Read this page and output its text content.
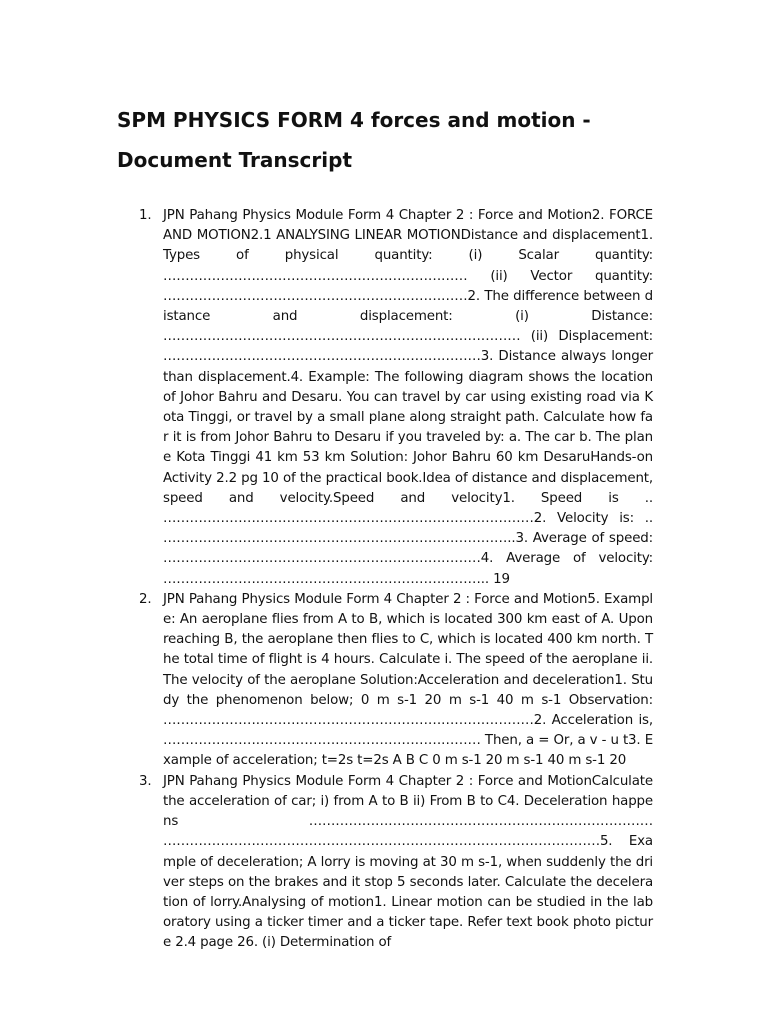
SPM PHYSICS FORM 4 forces and motion - Document Transcript
1. JPN Pahang Physics Module Form 4 Chapter 2 : Force and Motion2. FORCE AND MOTION2.1 ANALYSING LINEAR MOTIONDistance and displacement1. Types of physical quantity: (i) Scalar quantity: …………………………………………………………… (ii) Vector quantity: ……………………………………………………………2. The difference between distance and displacement: (i) Distance: ……………………………………………………………………… (ii) Displacement: ………………………………………………………………3. Distance always longer than displacement.4. Example: The following diagram shows the location of Johor Bahru and Desaru. You can travel by car using existing road via Kota Tinggi, or travel by a small plane along straight path. Calculate how far it is from Johor Bahru to Desaru if you traveled by: a. The car b. The plane Kota Tinggi 41 km 53 km Solution: Johor Bahru 60 km DesaruHands-on Activity 2.2 pg 10 of the practical book.Idea of distance and displacement, speed and velocity.Speed and velocity1. Speed is .. …………………………………………………………………………2. Velocity is: .. ……………………………………………………………………..3. Average of speed: ………………………………………………………………4. Average of velocity: ……………………………………………………………….. 19
2. JPN Pahang Physics Module Form 4 Chapter 2 : Force and Motion5. Example: An aeroplane flies from A to B, which is located 300 km east of A. Upon reaching B, the aeroplane then flies to C, which is located 400 km north. The total time of flight is 4 hours. Calculate i. The speed of the aeroplane ii. The velocity of the aeroplane Solution:Acceleration and deceleration1. Study the phenomenon below; 0 m s-1 20 m s-1 40 m s-1 Observation: …………………………………………………………………………2. Acceleration is, ……………………………………………………………… Then, a = Or, a v - u t3. Example of acceleration; t=2s t=2s A B C 0 m s-1 20 m s-1 40 m s-1 20
3. JPN Pahang Physics Module Form 4 Chapter 2 : Force and MotionCalculate the acceleration of car; i) from A to B ii) From B to C4. Deceleration happens …………………………………………………………………… ………………………………………………………………………………………5. Example of deceleration; A lorry is moving at 30 m s-1, when suddenly the driver steps on the brakes and it stop 5 seconds later. Calculate the deceleration of lorry.Analysing of motion1. Linear motion can be studied in the laboratory using a ticker timer and a ticker tape. Refer text book photo picture 2.4 page 26. (i) Determination of
